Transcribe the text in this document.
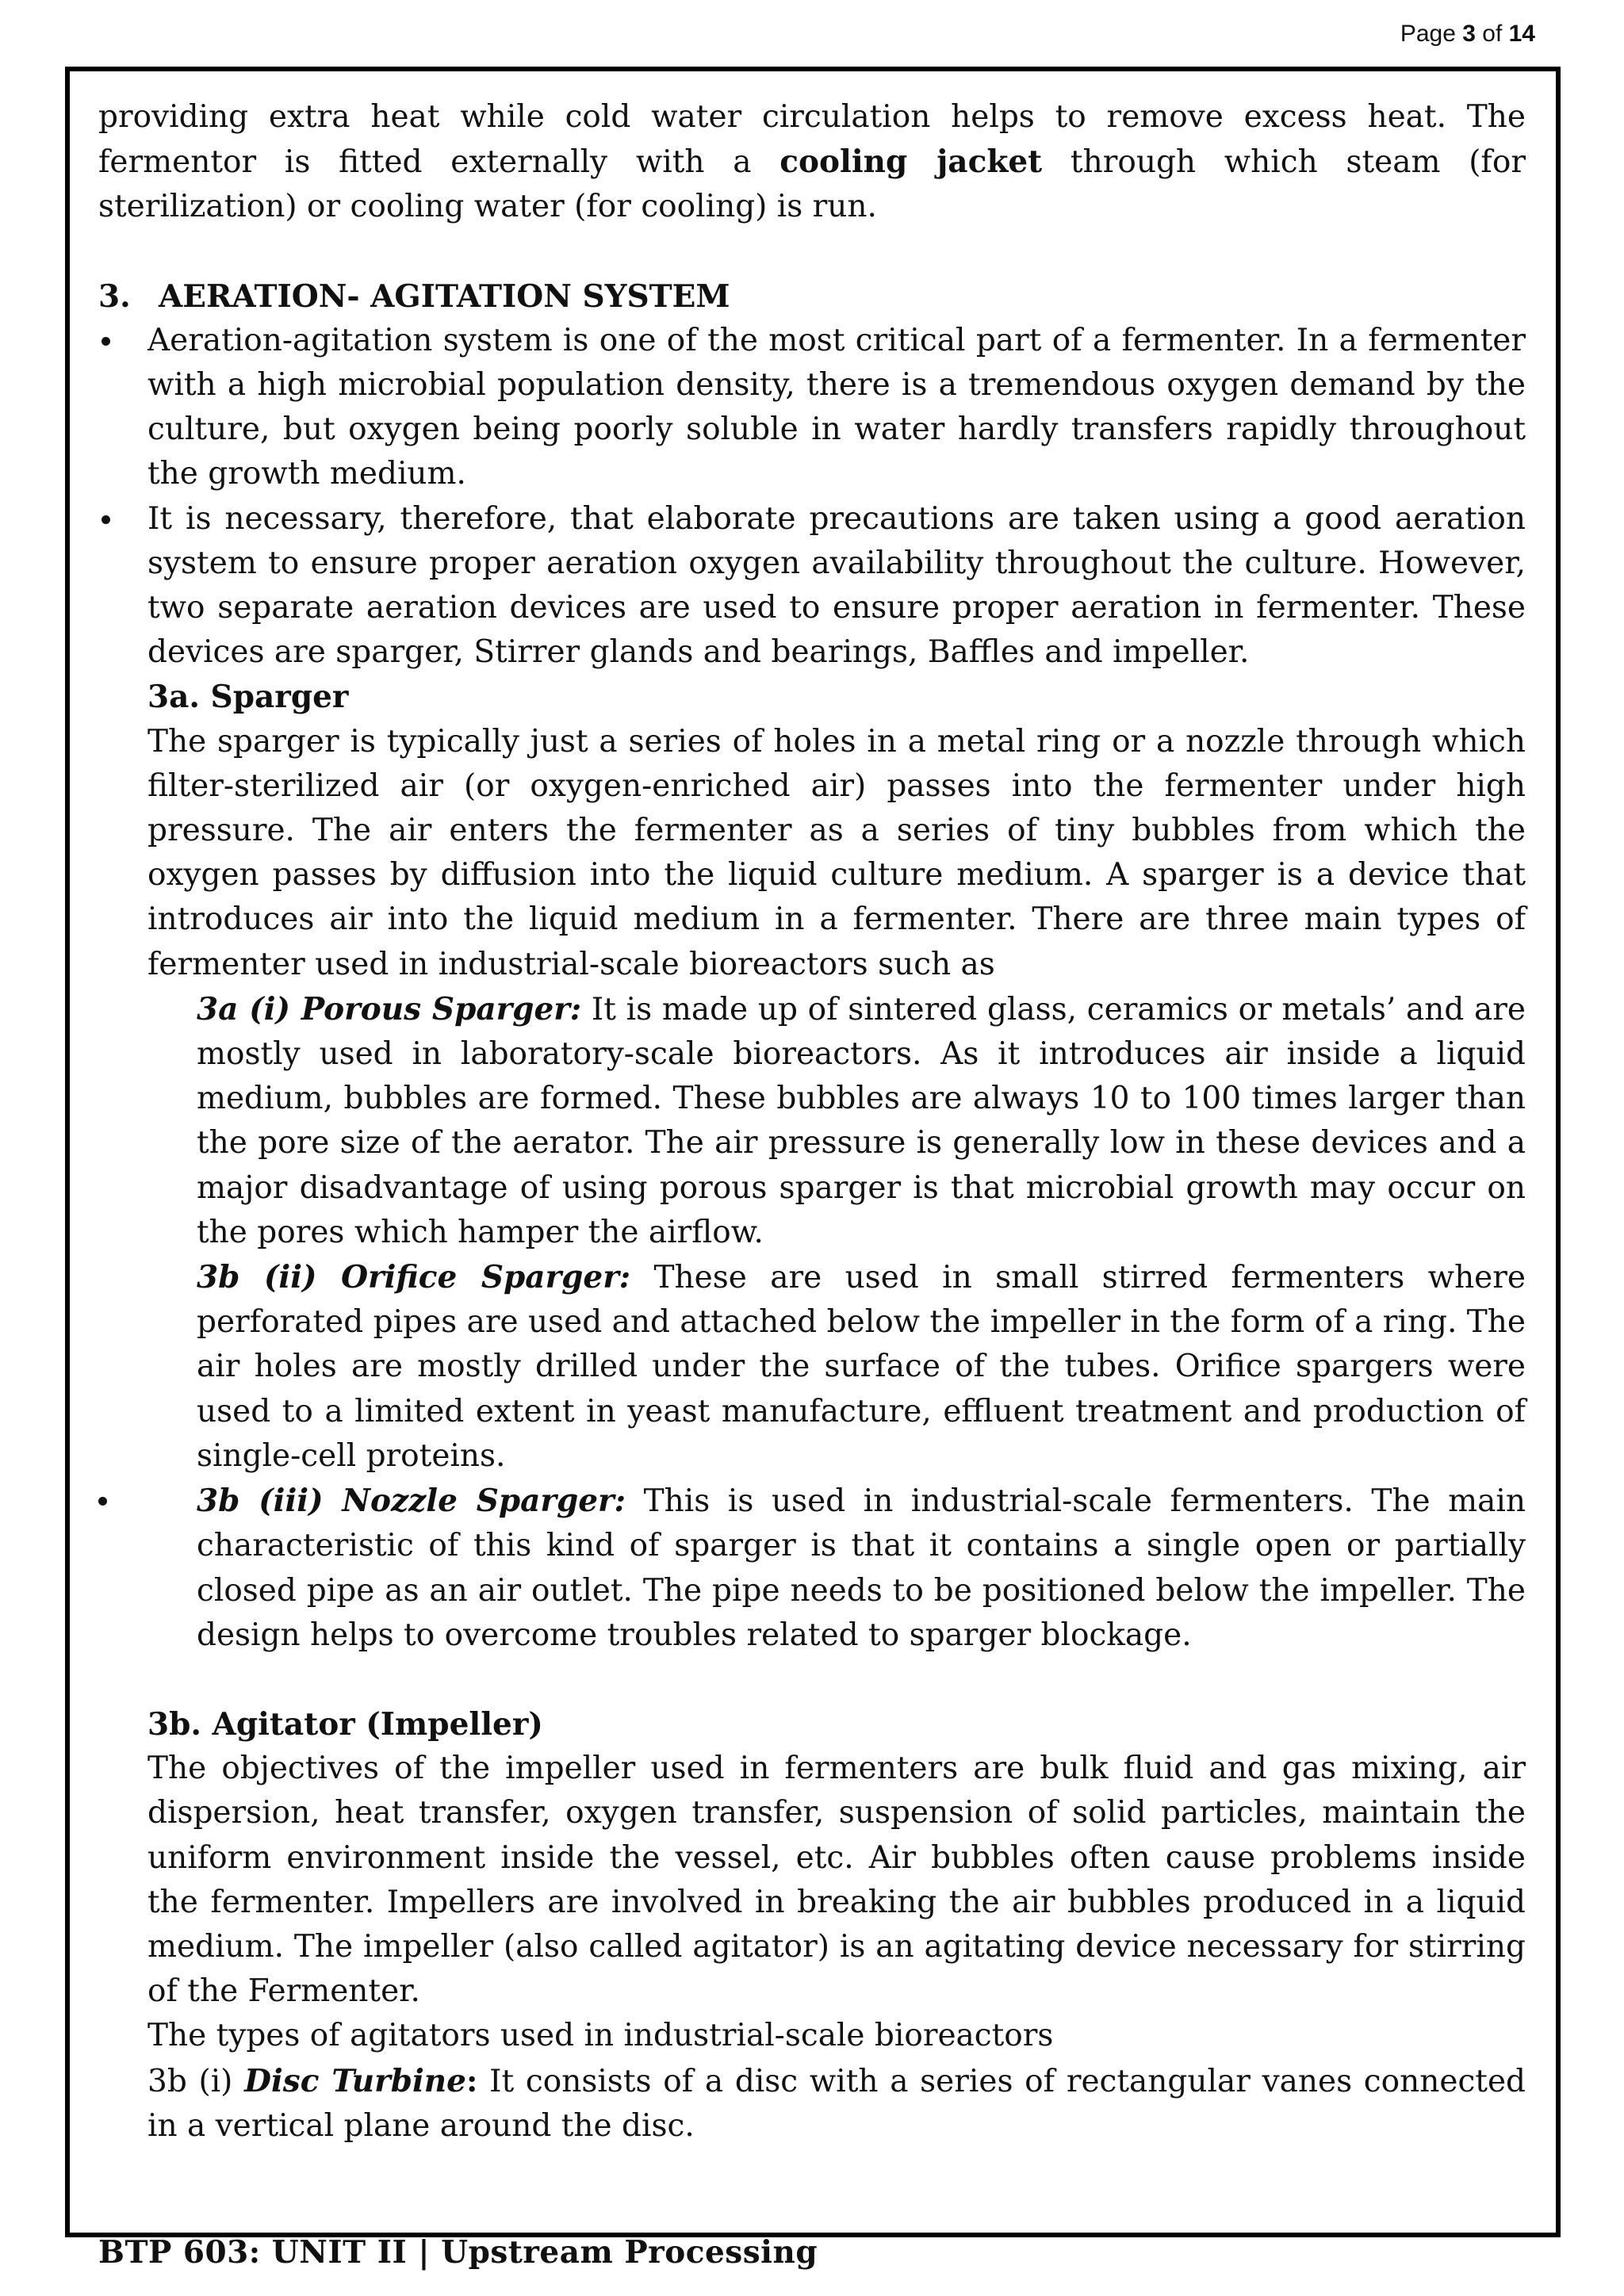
Page 3 of 14

providing extra heat while cold water circulation helps to remove excess heat. The fermentor is fitted externally with a cooling jacket through which steam (for sterilization) or cooling water (for cooling) is run.

3. AERATION- AGITATION SYSTEM
Aeration-agitation system is one of the most critical part of a fermenter. In a fermenter with a high microbial population density, there is a tremendous oxygen demand by the culture, but oxygen being poorly soluble in water hardly transfers rapidly throughout the growth medium.
It is necessary, therefore, that elaborate precautions are taken using a good aeration system to ensure proper aeration oxygen availability throughout the culture. However, two separate aeration devices are used to ensure proper aeration in fermenter. These devices are sparger, Stirrer glands and bearings, Baffles and impeller.
3a. Sparger

The sparger is typically just a series of holes in a metal ring or a nozzle through which filter-sterilized air (or oxygen-enriched air) passes into the fermenter under high pressure. The air enters the fermenter as a series of tiny bubbles from which the oxygen passes by diffusion into the liquid culture medium. A sparger is a device that introduces air into the liquid medium in a fermenter. There are three main types of fermenter used in industrial-scale bioreactors such as

3a (i) Porous Sparger: It is made up of sintered glass, ceramics or metals’ and are mostly used in laboratory-scale bioreactors. As it introduces air inside a liquid medium, bubbles are formed. These bubbles are always 10 to 100 times larger than the pore size of the aerator. The air pressure is generally low in these devices and a major disadvantage of using porous sparger is that microbial growth may occur on the pores which hamper the airflow.

3b (ii) Orifice Sparger: These are used in small stirred fermenters where perforated pipes are used and attached below the impeller in the form of a ring. The air holes are mostly drilled under the surface of the tubes. Orifice spargers were used to a limited extent in yeast manufacture, effluent treatment and production of single-cell proteins.

3b (iii) Nozzle Sparger: This is used in industrial-scale fermenters. The main characteristic of this kind of sparger is that it contains a single open or partially closed pipe as an air outlet. The pipe needs to be positioned below the impeller. The design helps to overcome troubles related to sparger blockage.

3b. Agitator (Impeller)

The objectives of the impeller used in fermenters are bulk fluid and gas mixing, air dispersion, heat transfer, oxygen transfer, suspension of solid particles, maintain the uniform environment inside the vessel, etc. Air bubbles often cause problems inside the fermenter. Impellers are involved in breaking the air bubbles produced in a liquid medium. The impeller (also called agitator) is an agitating device necessary for stirring of the Fermenter.

The types of agitators used in industrial-scale bioreactors

3b (i) Disc Turbine: It consists of a disc with a series of rectangular vanes connected in a vertical plane around the disc.

BTP 603: UNIT II | Upstream Processing
